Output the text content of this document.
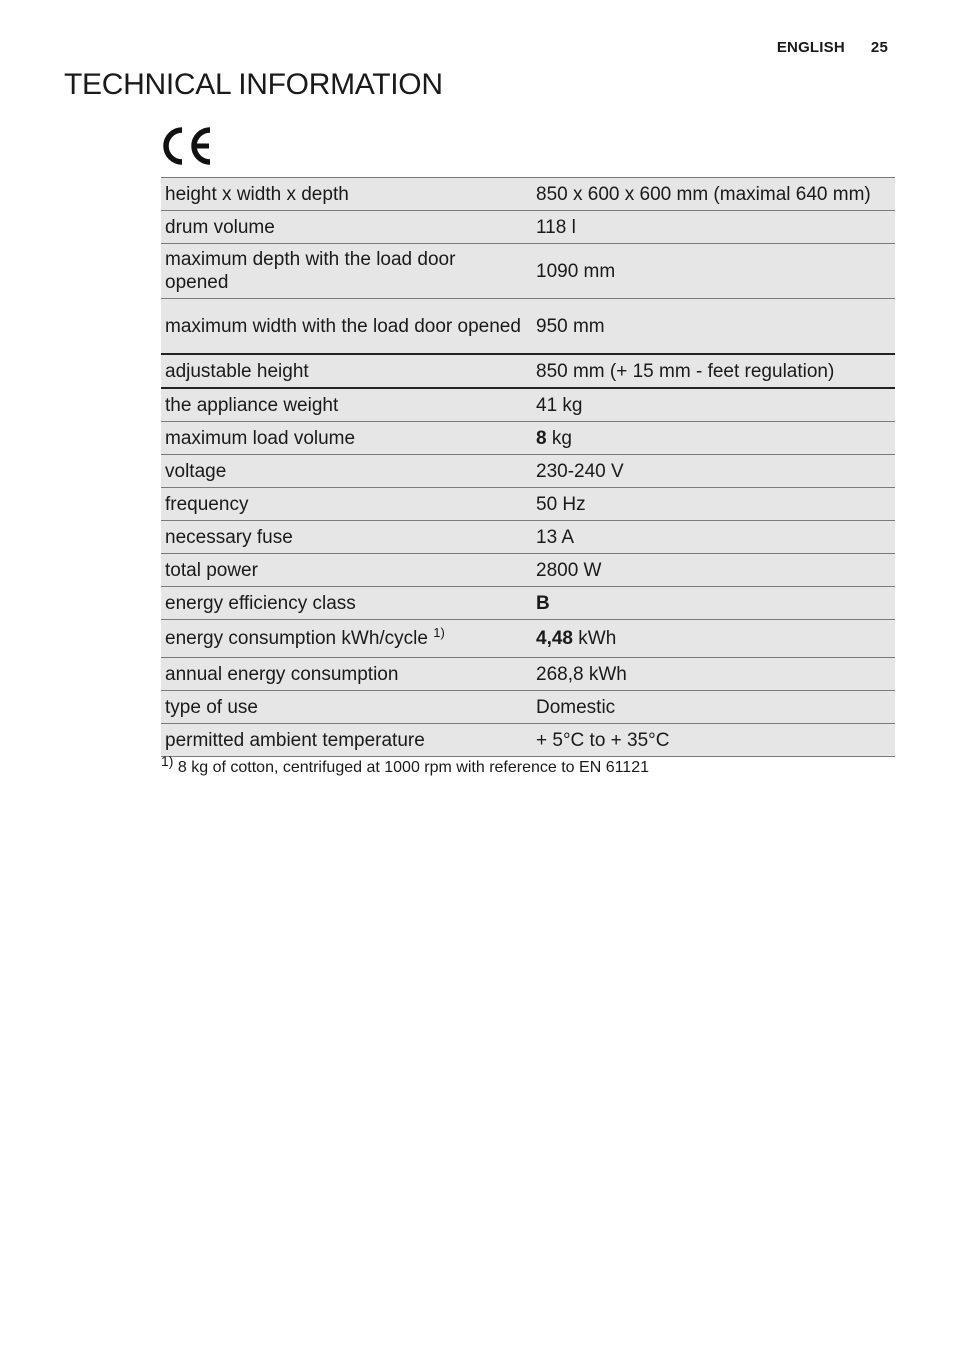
ENGLISH 25
TECHNICAL INFORMATION
height x width x depth	850 x 600 x 600 mm (maximal 640 mm)
drum volume	118 l
maximum depth with the load door opened	1090 mm
maximum width with the load door opened	950 mm
adjustable height	850 mm (+ 15 mm - feet regulation)
the appliance weight	41 kg
maximum load volume	8 kg
voltage	230-240 V
frequency	50 Hz
necessary fuse	13 A
total power	2800 W
energy efficiency class	B
energy consumption kWh/cycle $^{1)}$	4,48 kWh
annual energy consumption	268,8 kWh
type of use	Domestic
permitted ambient temperature	+ 5°C to + 35°C
$^{1)}$ 8 kg of cotton, centrifuged at 1000 rpm with reference to EN 61121
